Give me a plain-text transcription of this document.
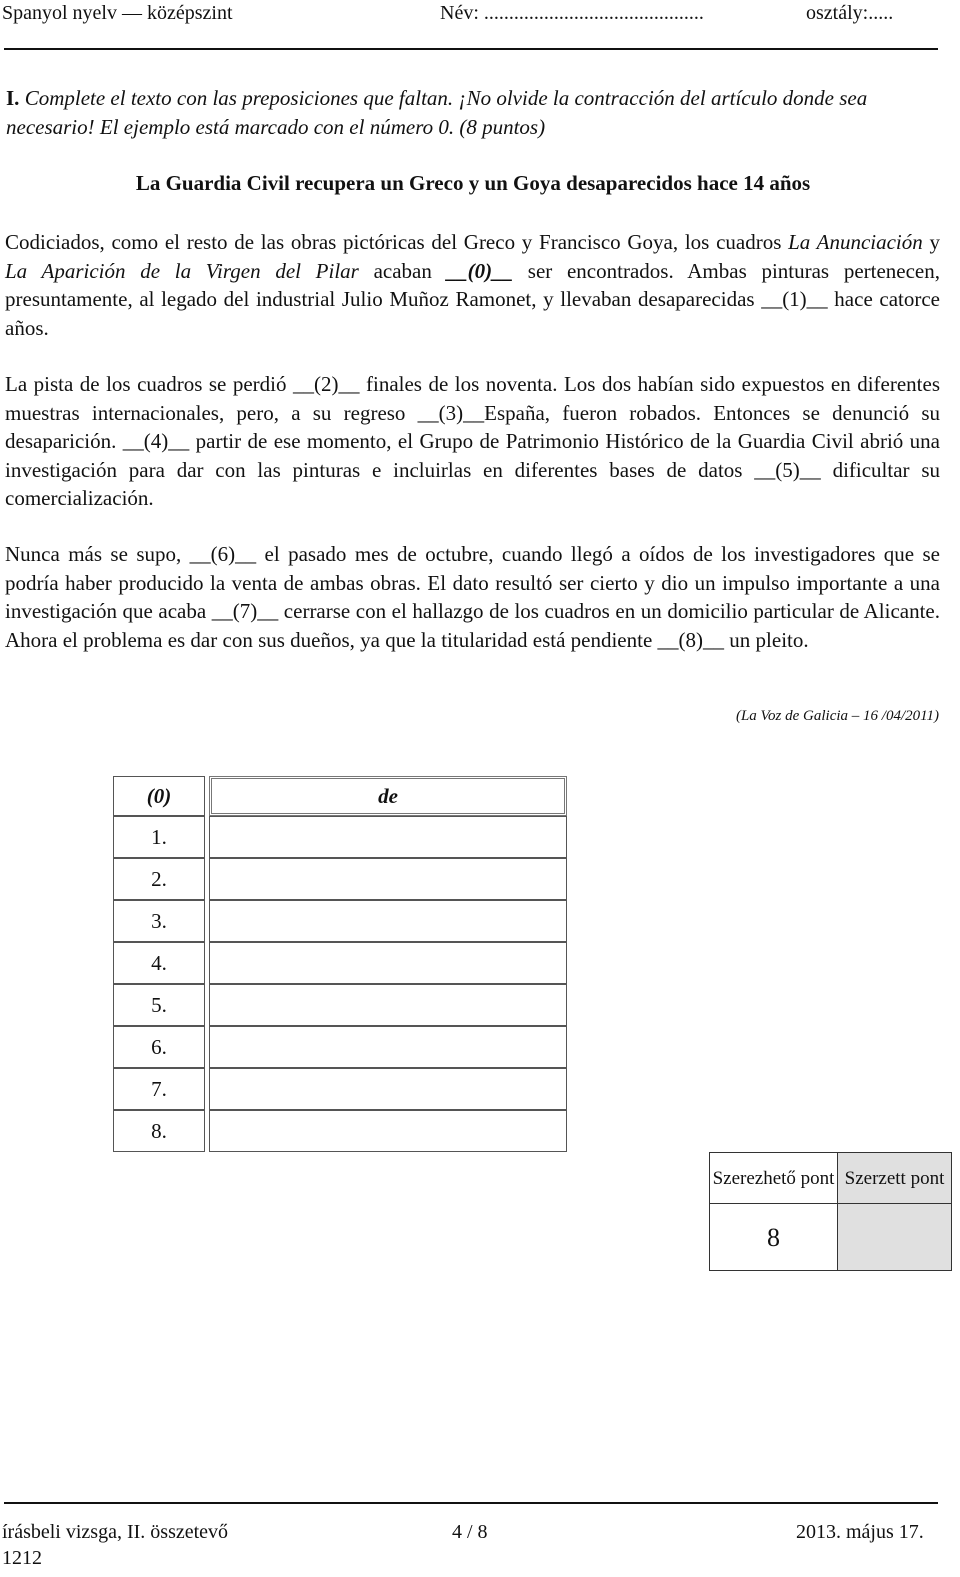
Spanyol nyelv — középszint	Név: ............................................	osztály:.....
I. Complete el texto con las preposiciones que faltan. ¡No olvide la contracción del artículo donde sea necesario! El ejemplo está marcado con el número 0. (8 puntos)
La Guardia Civil recupera un Greco y un Goya desaparecidos hace 14 años
Codiciados, como el resto de las obras pictóricas del Greco y Francisco Goya, los cuadros La Anunciación y La Aparición de la Virgen del Pilar acaban __(0)__ ser encontrados. Ambas pinturas pertenecen, presuntamente, al legado del industrial Julio Muñoz Ramonet, y llevaban desaparecidas __(1)__ hace catorce años.
La pista de los cuadros se perdió __(2)__ finales de los noventa. Los dos habían sido expuestos en diferentes muestras internacionales, pero, a su regreso __(3)__España, fueron robados. Entonces se denunció su desaparición. __(4)__ partir de ese momento, el Grupo de Patrimonio Histórico de la Guardia Civil abrió una investigación para dar con las pinturas e incluirlas en diferentes bases de datos __(5)__ dificultar su comercialización.
Nunca más se supo, __(6)__ el pasado mes de octubre, cuando llegó a oídos de los investigadores que se podría haber producido la venta de ambas obras. El dato resultó ser cierto y dio un impulso importante a una investigación que acaba __(7)__ cerrarse con el hallazgo de los cuadros en un domicilio particular de Alicante. Ahora el problema es dar con sus dueños, ya que la titularidad está pendiente __(8)__ un pleito.
(La Voz de Galicia – 16 /04/2011)
(0)		de
1.		
2.		
3.		
4.		
5.		
6.		
7.		
8.		
Szerezhető pont	Szerzett pont
8	
írásbeli vizsga, II. összetevő	4 / 8	2013. május 17.
1212
